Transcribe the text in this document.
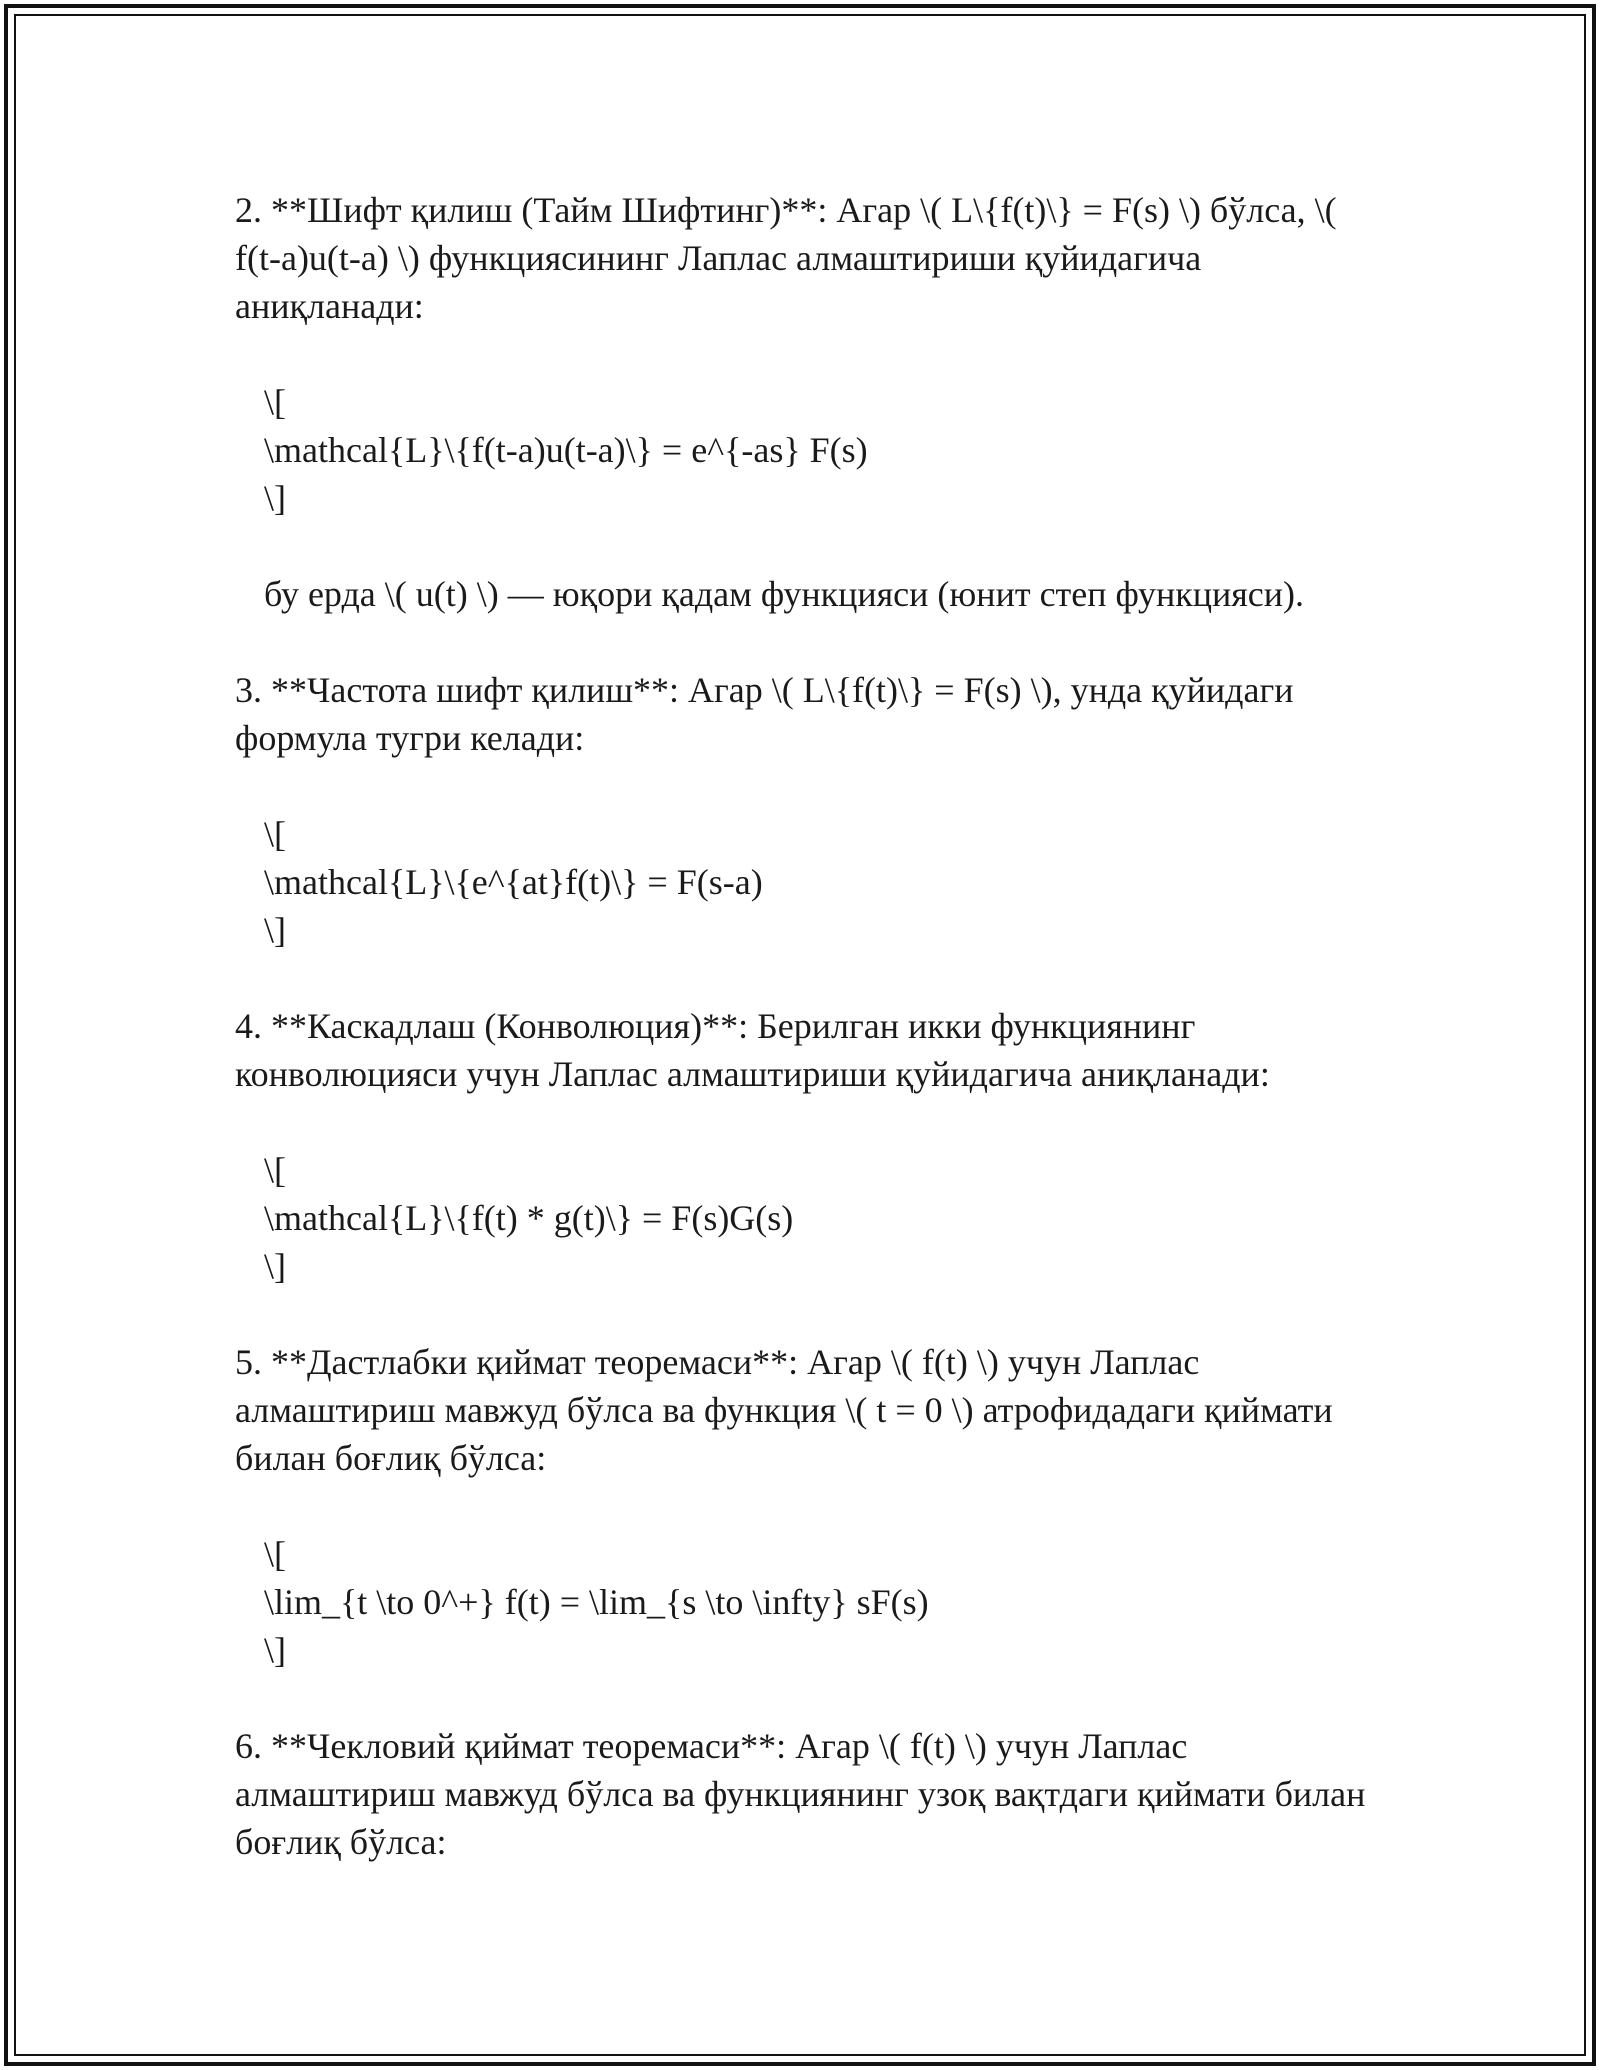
2. **Шифт қилиш (Тайм Шифтинг)**: Агар \( L\{f(t)\} = F(s) \) бўлса, \( f(t-a)u(t-a) \) функциясининг Лаплас алмаштириши қуйидагича аниқланади:

\[
\mathcal{L}\{f(t-a)u(t-a)\} = e^{-as} F(s)
\]

бу ерда \( u(t) \) — юқори қадам функцияси (юнит степ функцияси).

3. **Частота шифт қилиш**: Агар \( L\{f(t)\} = F(s) \), унда қуйидаги формула тугри келади:

\[
\mathcal{L}\{e^{at}f(t)\} = F(s-a)
\]

4. **Каскадлаш (Конволюция)**: Берилган икки функциянинг конволюцияси учун Лаплас алмаштириши қуйидагича аниқланади:

\[
\mathcal{L}\{f(t) * g(t)\} = F(s)G(s)
\]

5. **Дастлабки қиймат теоремаси**: Агар \( f(t) \) учун Лаплас алмаштириш мавжуд бўлса ва функция \( t = 0 \) атрофидадаги қиймати билан боғлиқ бўлса:

\[
\lim_{t \to 0^+} f(t) = \lim_{s \to \infty} sF(s)
\]

6. **Чекловий қиймат теоремаси**: Агар \( f(t) \) учун Лаплас алмаштириш мавжуд бўлса ва функциянинг узоқ вақтдаги қиймати билан боғлиқ бўлса:
